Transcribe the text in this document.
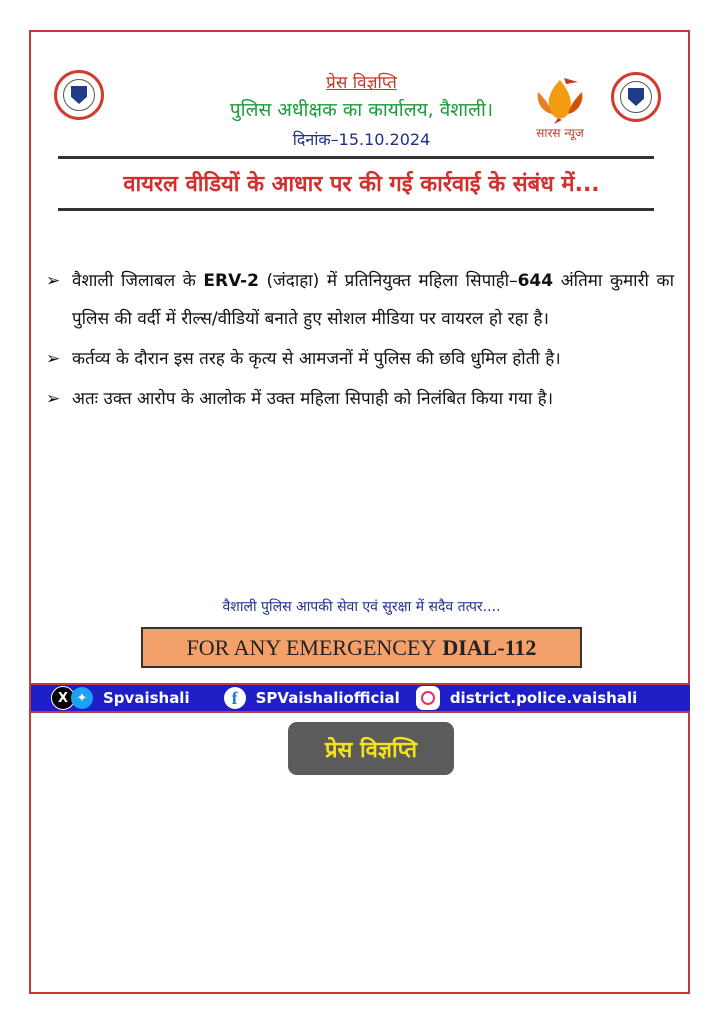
सारस न्यूज
प्रेस विज्ञप्ति
पुलिस अधीक्षक का कार्यालय, वैशाली।
दिनांक–15.10.2024
वायरल वीडियों के आधार पर की गई कार्रवाई के संबंध में...
➢ वैशाली जिलाबल के ERV-2 (जंदाहा) में प्रतिनियुक्त महिला सिपाही–644 अंतिमा कुमारी का पुलिस की वर्दी में रील्स/वीडियों बनाते हुए सोशल मीडिया पर वायरल हो रहा है।
➢ कर्तव्य के दौरान इस तरह के कृत्य से आमजनों में पुलिस की छवि धुमिल होती है।
➢ अतः उक्त आरोप के आलोक में उक्त महिला सिपाही को निलंबित किया गया है।
वैशाली पुलिस आपकी सेवा एवं सुरक्षा में सदैव तत्पर....
FOR ANY EMERGENCEY DIAL-112
X ✦	Spvaishali	f	SPVaishaliofficial	district.police.vaishali
प्रेस विज्ञप्ति
